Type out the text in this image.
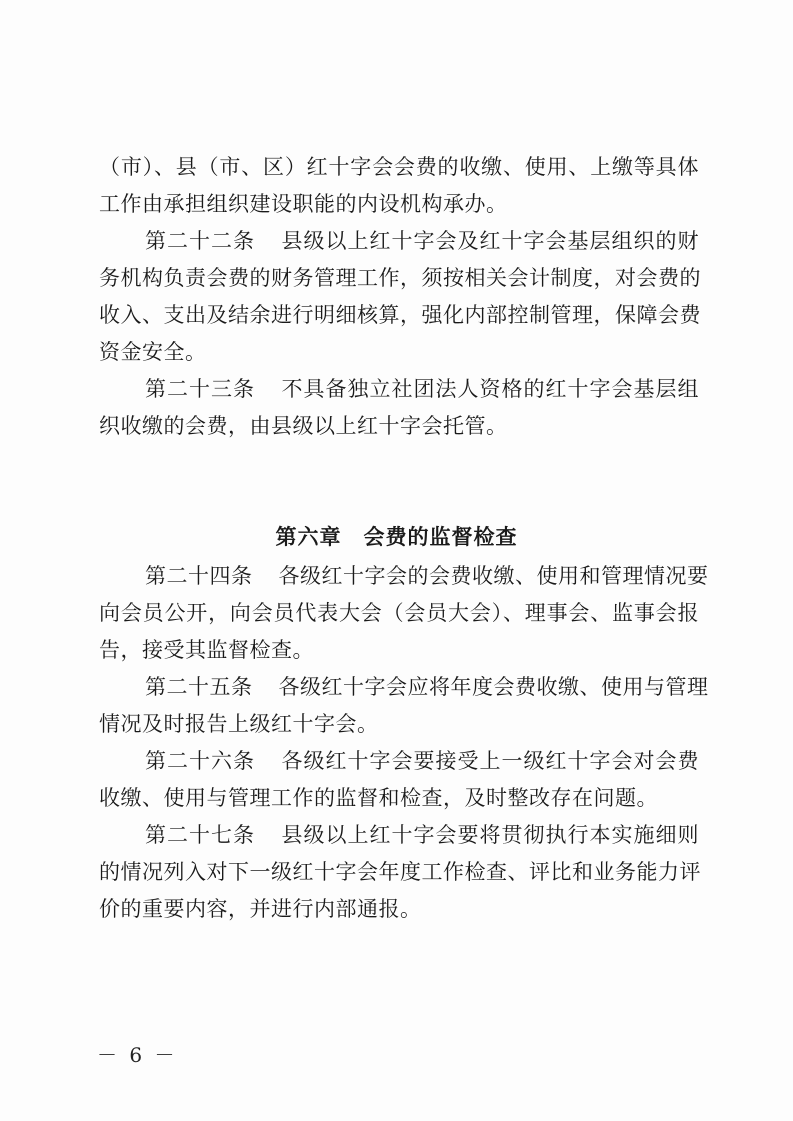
（市）、县（市、区）红十字会会费的收缴、使用、上缴等具体
工作由承担组织建设职能的内设机构承办。
第二十二条 县级以上红十字会及红十字会基层组织的财
务机构负责会费的财务管理工作，须按相关会计制度，对会费的
收入、支出及结余进行明细核算，强化内部控制管理，保障会费
资金安全。
第二十三条 不具备独立社团法人资格的红十字会基层组
织收缴的会费，由县级以上红十字会托管。
第六章 会费的监督检查
第二十四条 各级红十字会的会费收缴、使用和管理情况要
向会员公开，向会员代表大会（会员大会）、理事会、监事会报
告，接受其监督检查。
第二十五条 各级红十字会应将年度会费收缴、使用与管理
情况及时报告上级红十字会。
第二十六条 各级红十字会要接受上一级红十字会对会费
收缴、使用与管理工作的监督和检查，及时整改存在问题。
第二十七条 县级以上红十字会要将贯彻执行本实施细则
的情况列入对下一级红十字会年度工作检查、评比和业务能力评
价的重要内容，并进行内部通报。
－ 6 －
